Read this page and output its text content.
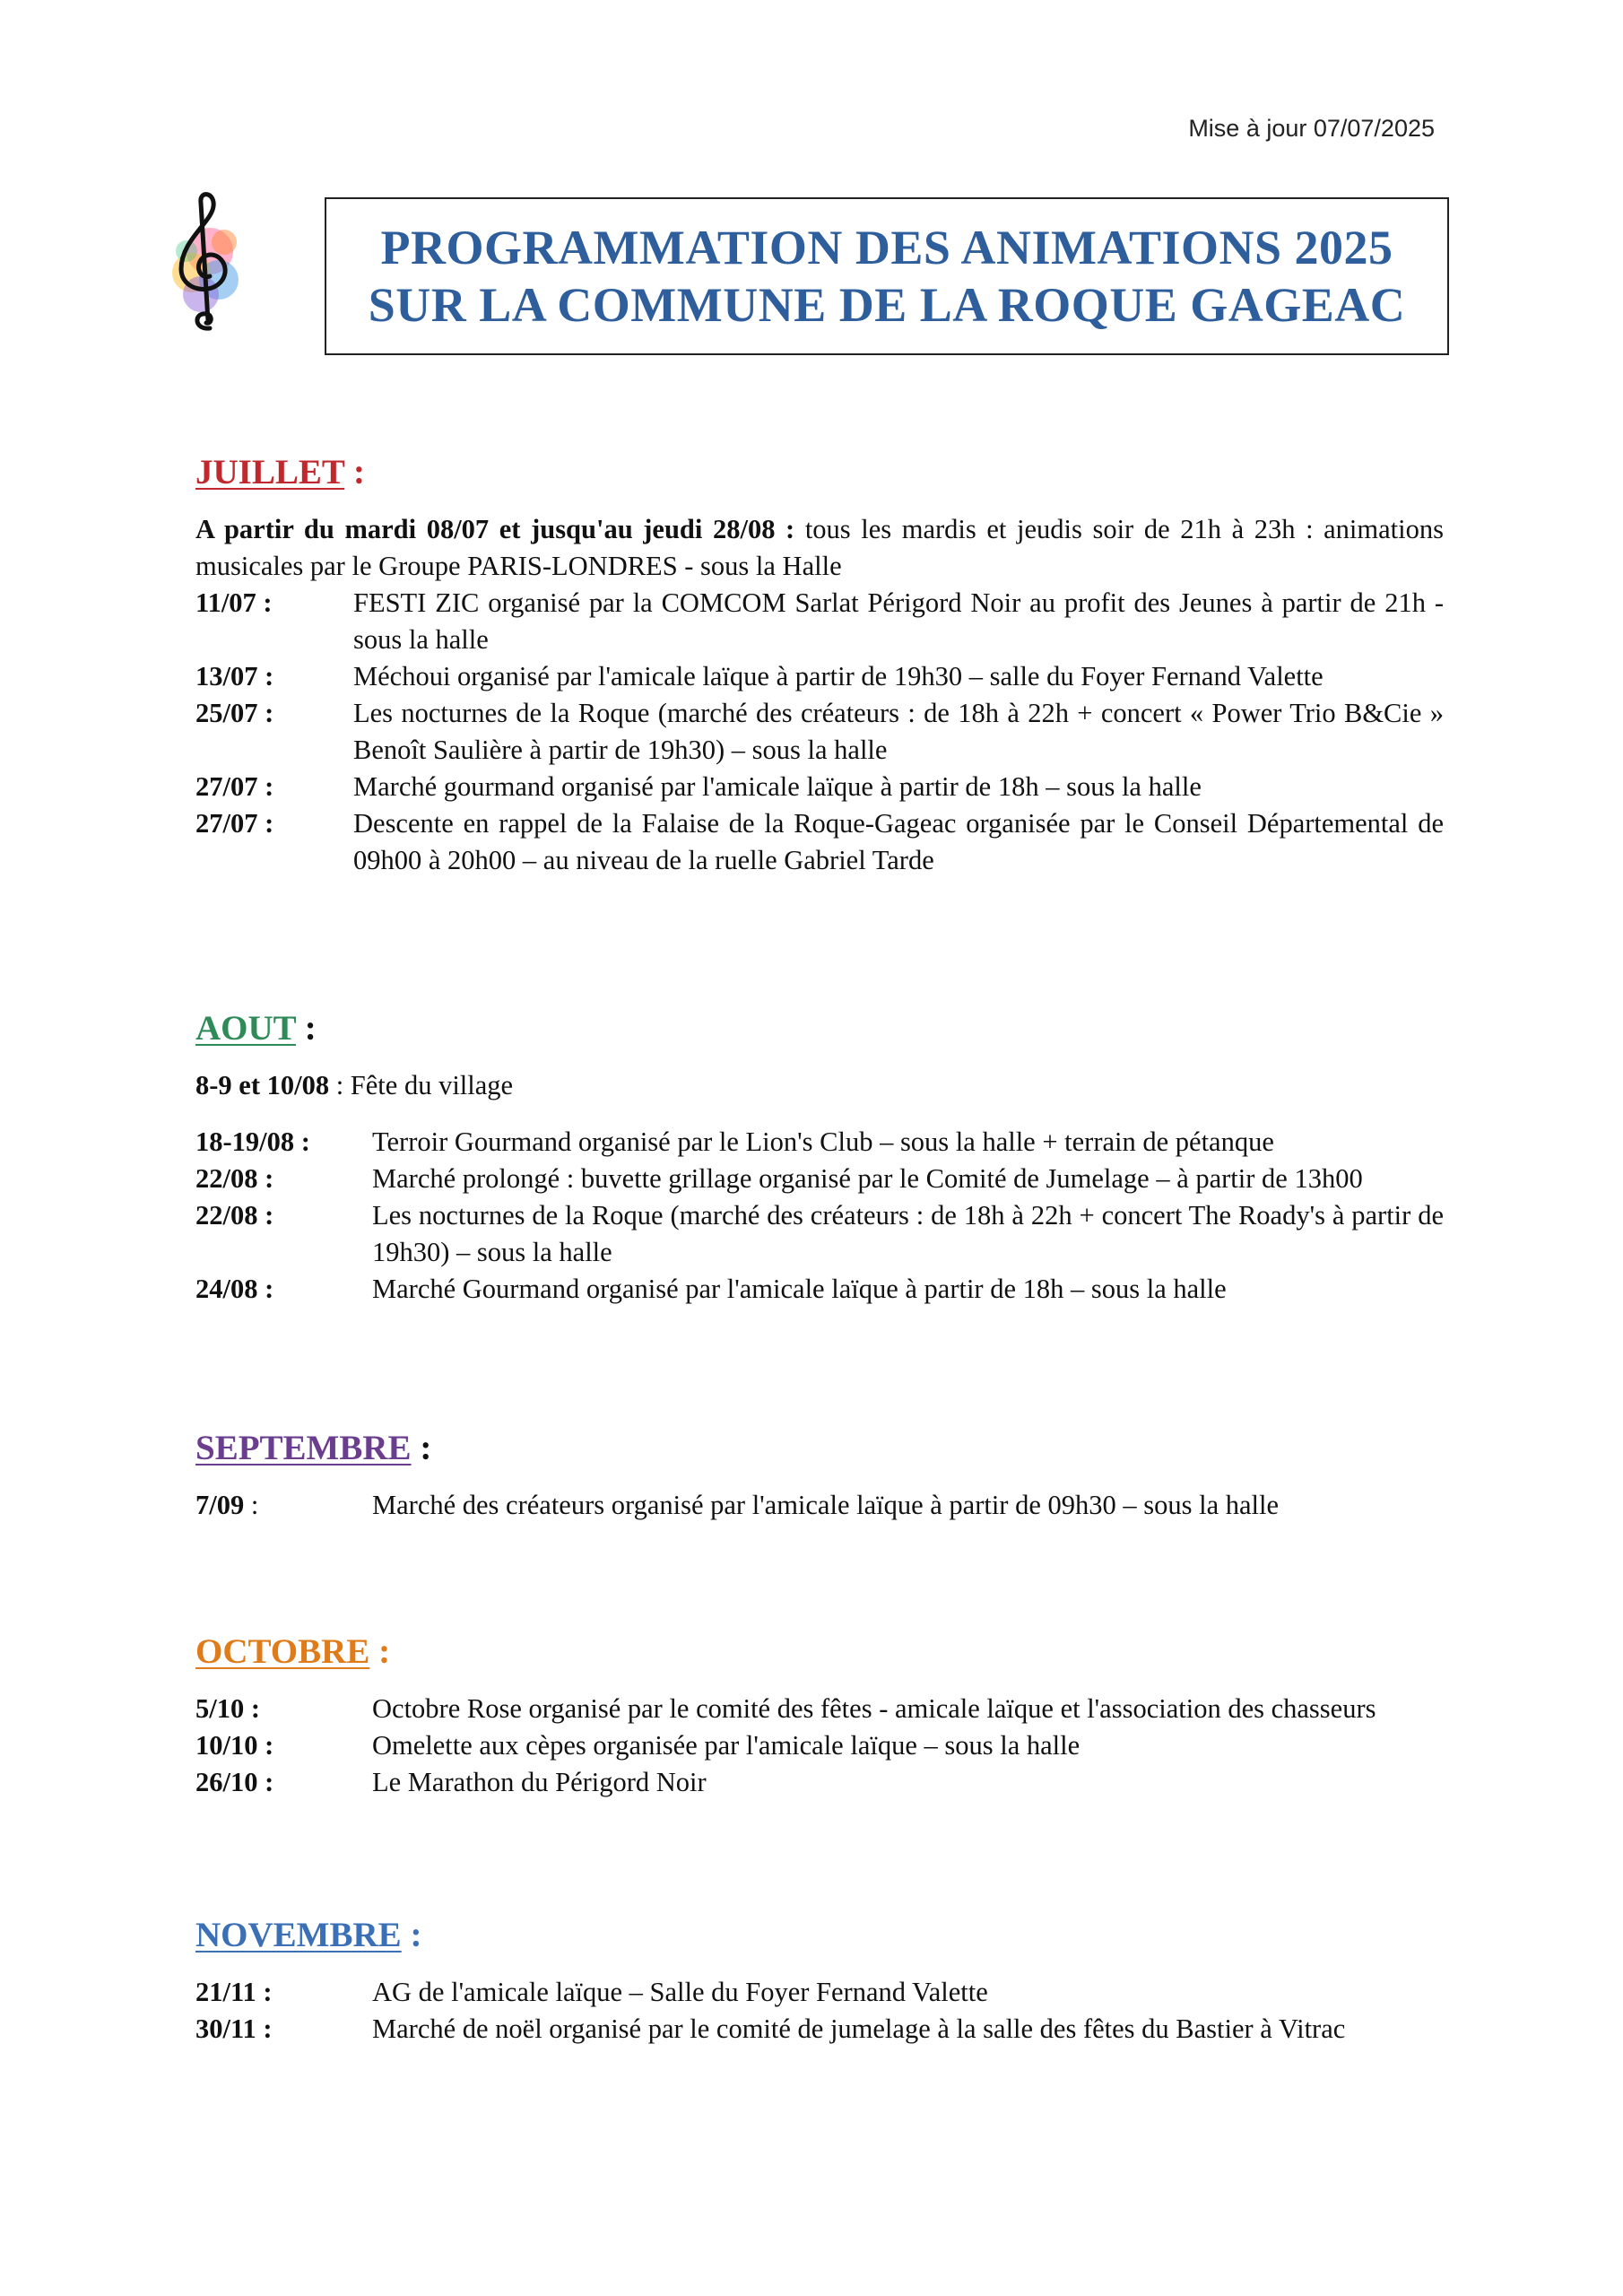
Mise à jour 07/07/2025
PROGRAMMATION DES ANIMATIONS 2025
SUR LA COMMUNE DE LA ROQUE GAGEAC
JUILLET :
A partir du mardi 08/07 et jusqu'au jeudi 28/08 : tous les mardis et jeudis soir de 21h à 23h : animations musicales par le Groupe PARIS-LONDRES - sous la Halle
11/07 :	FESTI ZIC organisé par la COMCOM Sarlat Périgord Noir au profit des Jeunes à partir de 21h - sous la halle
13/07 :	Méchoui organisé par l'amicale laïque à partir de 19h30 – salle du Foyer Fernand Valette
25/07 :	Les nocturnes de la Roque (marché des créateurs : de 18h à 22h + concert « Power Trio B&Cie » Benoît Saulière à partir de 19h30) – sous la halle
27/07 :	Marché gourmand organisé par l'amicale laïque à partir de 18h – sous la halle
27/07 :	Descente en rappel de la Falaise de la Roque-Gageac organisée par le Conseil Départemental de 09h00 à 20h00 – au niveau de la ruelle Gabriel Tarde
AOUT :
8-9 et 10/08 : Fête du village
18-19/08 :	Terroir Gourmand organisé par le Lion's Club – sous la halle + terrain de pétanque
22/08 :	Marché prolongé : buvette grillage organisé par le Comité de Jumelage – à partir de 13h00
22/08 :	Les nocturnes de la Roque (marché des créateurs : de 18h à 22h + concert The Roady's à partir de 19h30) – sous la halle
24/08 :	Marché Gourmand organisé par l'amicale laïque à partir de 18h – sous la halle
SEPTEMBRE :
7/09 :	Marché des créateurs organisé par l'amicale laïque à partir de 09h30 – sous la halle
OCTOBRE :
5/10 :	Octobre Rose organisé par le comité des fêtes - amicale laïque et l'association des chasseurs
10/10 :	Omelette aux cèpes organisée par l'amicale laïque – sous la halle
26/10 :	Le Marathon du Périgord Noir
NOVEMBRE :
21/11 :	AG de l'amicale laïque – Salle du Foyer Fernand Valette
30/11 :	Marché de noël organisé par le comité de jumelage à la salle des fêtes du Bastier à Vitrac
